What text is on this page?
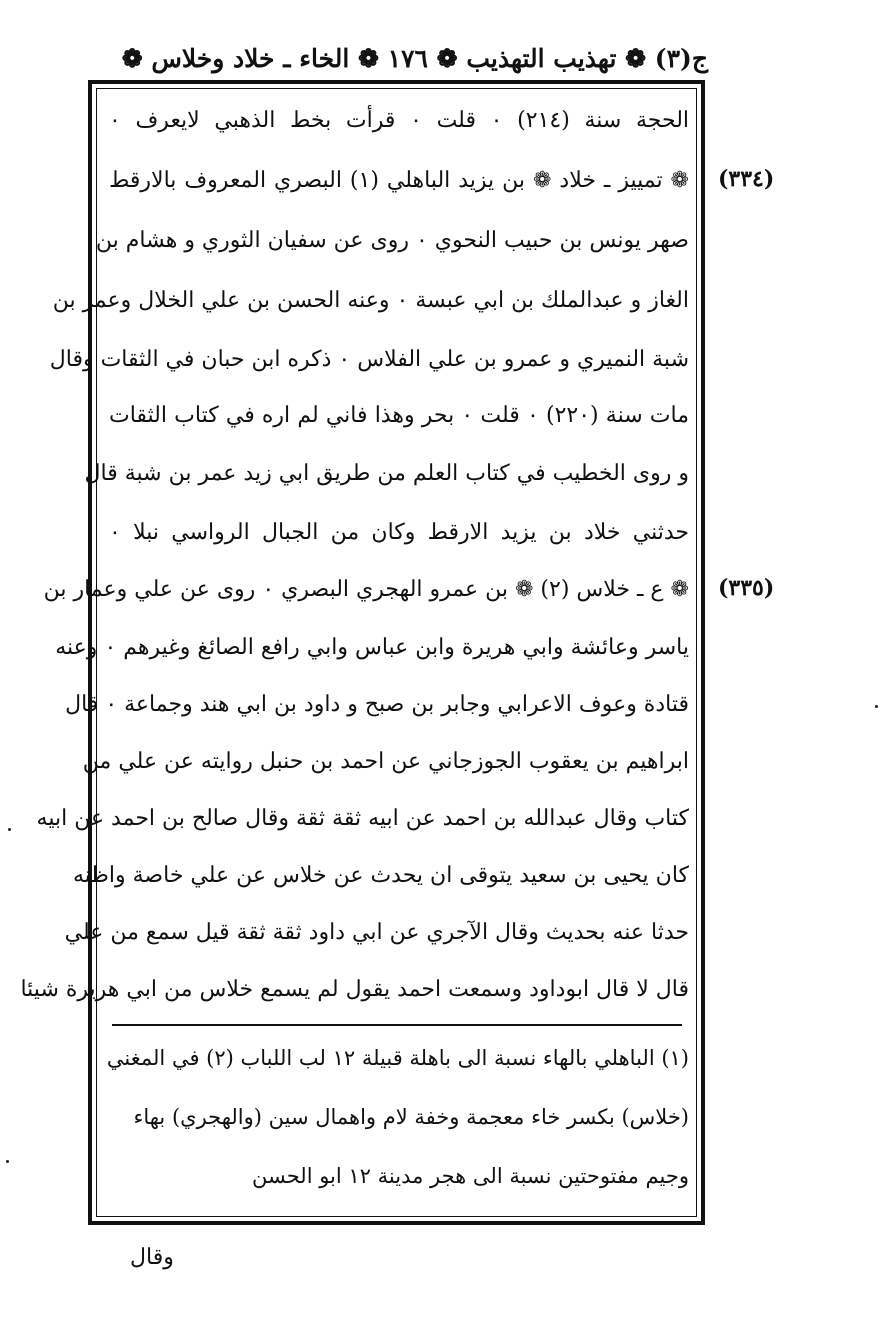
ج(٣) ❁ تهذيب التهذيب ❁ ١٧٦ ❁ الخاء ـ خلاد وخلاس ❁
الحجة سنة (٢١٤) ٠ قلت ٠ قرأت بخط الذهبي لايعرف ٠
❁ تمييز ـ خلاد ❁ بن يزيد الباهلي (١) البصري المعروف بالارقط
صهر يونس بن حبيب النحوي ٠ روى عن سفيان الثوري و هشام بن
الغاز و عبدالملك بن ابي عبسة ٠ وعنه الحسن بن علي الخلال وعمر بن
شبة النميري و عمرو بن علي الفلاس ٠ ذكره ابن حبان في الثقات وقال
مات سنة (٢٢٠) ٠ قلت ٠ بحر وهذا فاني لم اره في كتاب الثقات
و روى الخطيب في كتاب العلم من طريق ابي زيد عمر بن شبة قال
حدثني خلاد بن يزيد الارقط وكان من الجبال الرواسي نبلا ٠
❁ ع ـ خلاس (٢) ❁ بن عمرو الهجري البصري ٠ روى عن علي وعمار بن
ياسر وعائشة وابي هريرة وابن عباس وابي رافع الصائغ وغيرهم ٠ وعنه
قتادة وعوف الاعرابي وجابر بن صبح و داود بن ابي هند وجماعة ٠ قال
ابراهيم بن يعقوب الجوزجاني عن احمد بن حنبل روايته عن علي من
كتاب وقال عبدالله بن احمد عن ابيه ثقة ثقة وقال صالح بن احمد عن ابيه
كان يحيى بن سعيد يتوقى ان يحدث عن خلاس عن علي خاصة واظنه
حدثا عنه بحديث وقال الآجري عن ابي داود ثقة ثقة قيل سمع من علي
قال لا قال ابوداود وسمعت احمد يقول لم يسمع خلاس من ابي هريرة شيئا
(٣٣٤)
(٣٣٥)
(١) الباهلي بالهاء نسبة الى باهلة قبيلة ١٢ لب اللباب (٢) في المغني
(خلاس) بكسر خاء معجمة وخفة لام واهمال سين (والهجري) بهاء
وجيم مفتوحتين نسبة الى هجر مدينة ١٢ ابو الحسن
وقال
